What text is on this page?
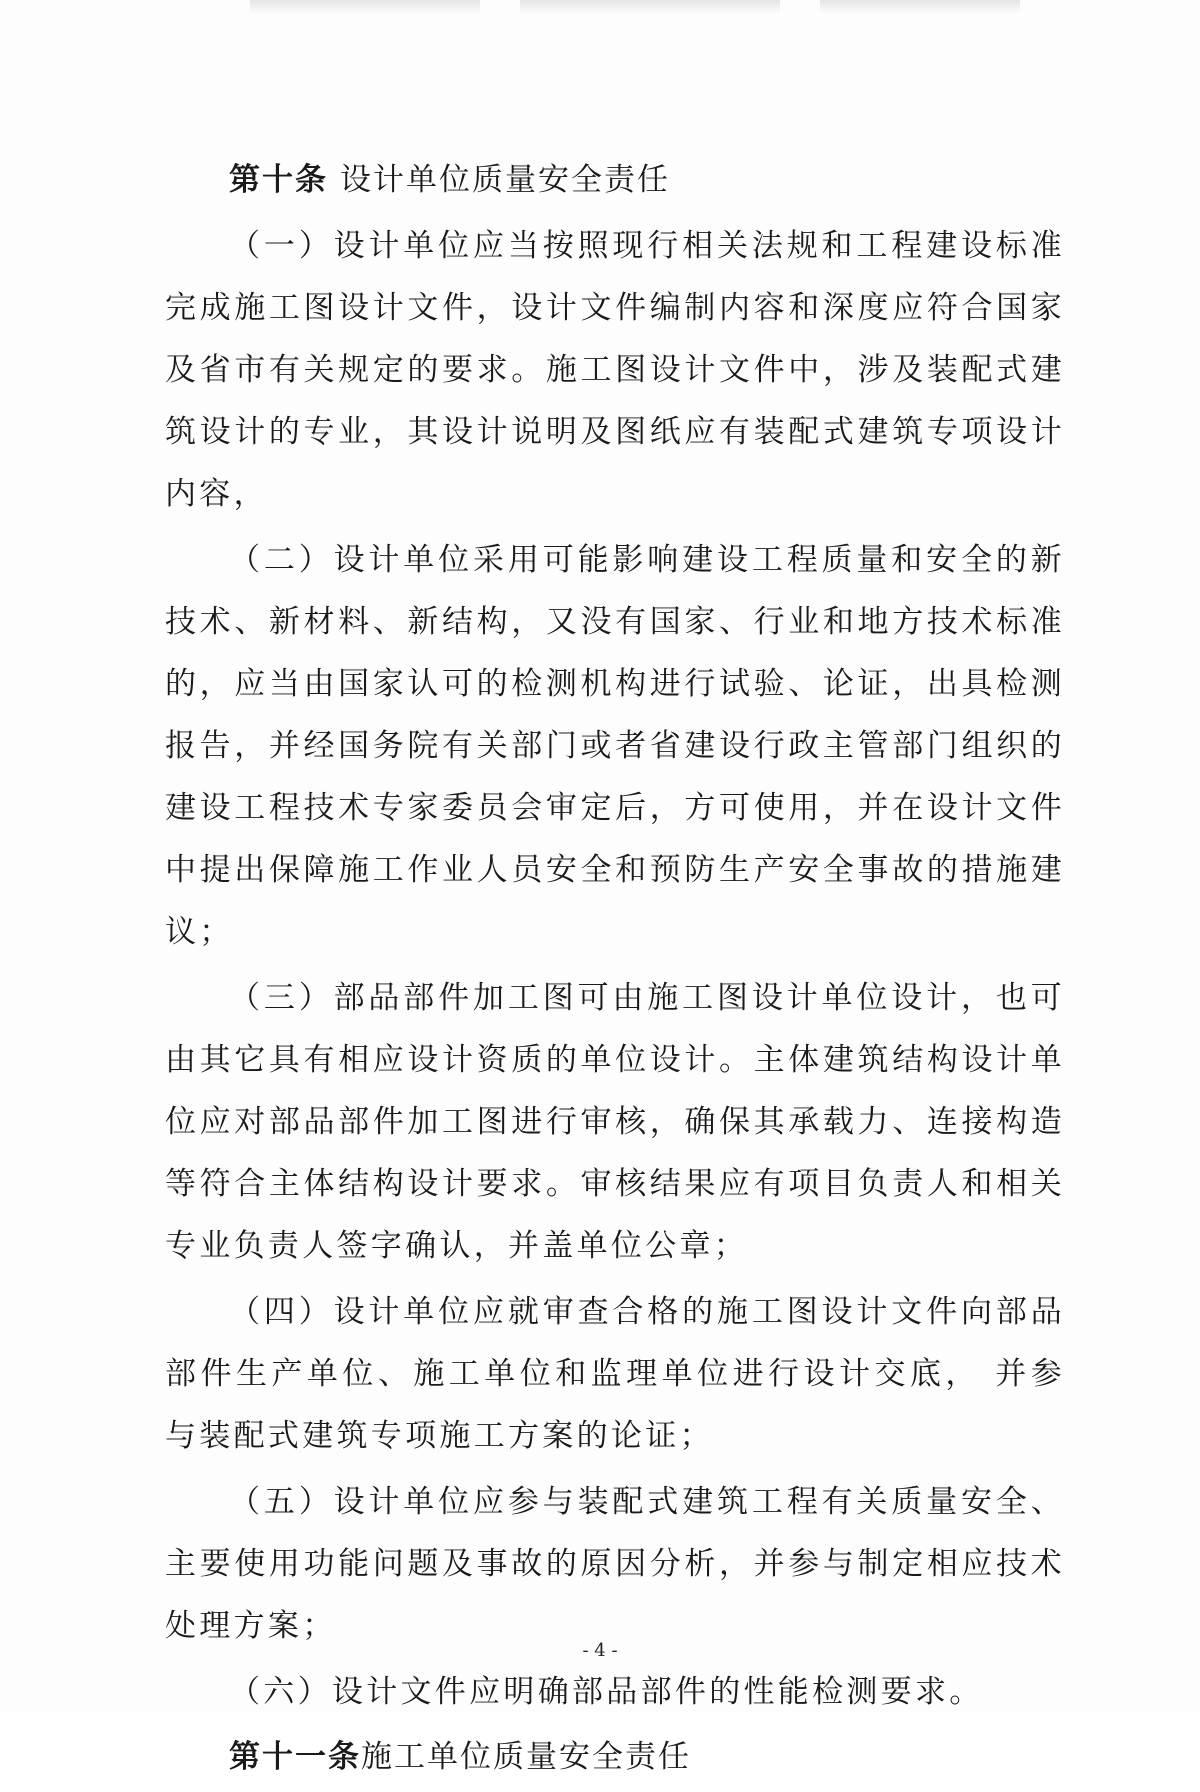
第十条 设计单位质量安全责任

（一）设计单位应当按照现行相关法规和工程建设标准完成施工图设计文件，设计文件编制内容和深度应符合国家及省市有关规定的要求。施工图设计文件中，涉及装配式建筑设计的专业，其设计说明及图纸应有装配式建筑专项设计内容，

（二）设计单位采用可能影响建设工程质量和安全的新技术、新材料、新结构，又没有国家、行业和地方技术标准的，应当由国家认可的检测机构进行试验、论证，出具检测报告，并经国务院有关部门或者省建设行政主管部门组织的建设工程技术专家委员会审定后，方可使用，并在设计文件中提出保障施工作业人员安全和预防生产安全事故的措施建议；

（三）部品部件加工图可由施工图设计单位设计，也可由其它具有相应设计资质的单位设计。主体建筑结构设计单位应对部品部件加工图进行审核，确保其承载力、连接构造等符合主体结构设计要求。审核结果应有项目负责人和相关专业负责人签字确认，并盖单位公章；

（四）设计单位应就审查合格的施工图设计文件向部品部件生产单位、施工单位和监理单位进行设计交底， 并参与装配式建筑专项施工方案的论证；

（五）设计单位应参与装配式建筑工程有关质量安全、主要使用功能问题及事故的原因分析，并参与制定相应技术处理方案；

（六）设计文件应明确部品部件的性能检测要求。

第十一条施工单位质量安全责任

- 4 -
